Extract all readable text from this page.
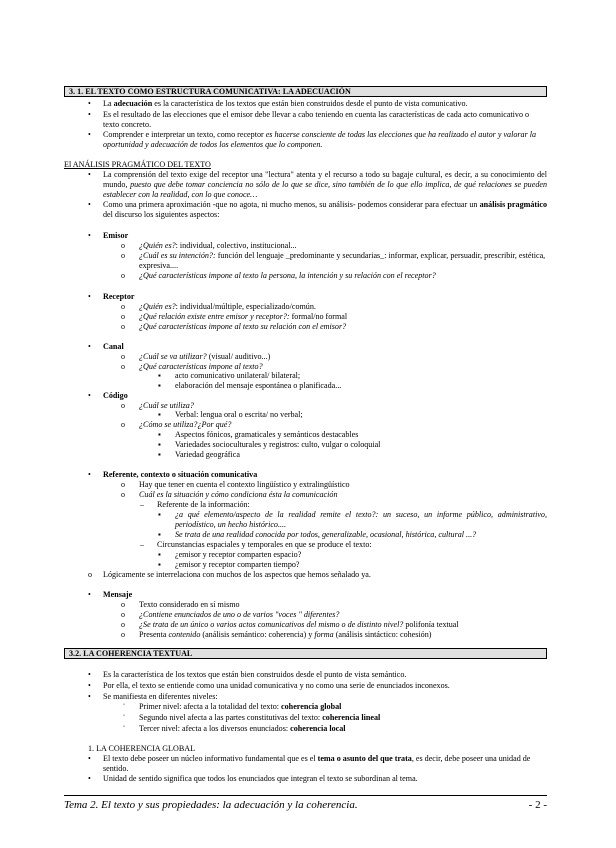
3. 1. EL TEXTO COMO ESTRUCTURA COMUNICATIVA: LA ADECUACIÓN
• La adecuación es la característica de los textos que están bien construidos desde el punto de vista comunicativo.
• Es el resultado de las elecciones que el emisor debe llevar a cabo teniendo en cuenta las características de cada acto comunicativo o texto concreto.
• Comprender e interpretar un texto, como receptor es hacerse consciente de todas las elecciones que ha realizado el autor y valorar la oportunidad y adecuación de todos los elementos que lo componen.
El ANÁLISIS PRAGMÁTICO DEL TEXTO
• La comprensión del texto exige del receptor una "lectura" atenta y el recurso a todo su bagaje cultural, es decir, a su conocimiento del mundo, puesto que debe tomar conciencia no sólo de lo que se dice, sino también de lo que ello implica, de qué relaciones se pueden establecer con la realidad, con lo que conoce…
• Como una primera aproximación -que no agota, ni mucho menos, su análisis- podemos considerar para efectuar un análisis pragmático del discurso los siguientes aspectos:
• Emisor
o ¿Quién es?: individual, colectivo, institucional...
o ¿Cuál es su intención?: función del lenguaje _predominante y secundarias_: informar, explicar, persuadir, prescribir, estética, expresiva....
o ¿Qué características impone al texto la persona, la intención y su relación con el receptor?
• Receptor
o ¿Quién es?: individual/múltiple, especializado/común.
o ¿Qué relación existe entre emisor y receptor?: formal/no formal
o ¿Qué características impone al texto su relación con el emisor?
• Canal
o ¿Cuál se va utilizar? (visual/ auditivo...)
o ¿Qué características impone al texto?
▪ acto comunicativo unilateral/ bilateral;
▪ elaboración del mensaje espontánea o planificada...
• Código
o ¿Cuál se utiliza?
▪ Verbal: lengua oral o escrita/ no verbal;
o ¿Cómo se utiliza?¿Por qué?
▪ Aspectos fónicos, gramaticales y semánticos destacables
▪ Variedades socioculturales y registros: culto, vulgar o coloquial
▪ Variedad geográfica
• Referente, contexto o situación comunicativa
o Hay que tener en cuenta el contexto lingüístico y extralingüístico
o Cuál es la situación y cómo condiciona ésta la comunicación
– Referente de la información:
▪ ¿a qué elemento/aspecto de la realidad remite el texto?: un suceso, un informe público, administrativo, periodístico, un hecho histórico....
▪ Se trata de una realidad conocida por todos, generalizable, ocasional, histórica, cultural ...?
– Circunstancias espaciales y temporales en que se produce el texto:
▪ ¿emisor y receptor comparten espacio?
▪ ¿emisor y receptor comparten tiempo?
o Lógicamente se interrelaciona con muchos de los aspectos que hemos señalado ya.
• Mensaje
o Texto considerado en sí mismo
o ¿Contiene enunciados de uno o de varios "voces " diferentes?
o ¿Se trata de un único o varios actos comunicativos del mismo o de distinto nivel? polifonía textual
o Presenta contenido (análisis semántico: coherencia) y forma (análisis sintáctico: cohesión)
3.2. LA COHERENCIA TEXTUAL
• Es la característica de los textos que están bien construidos desde el punto de vista semántico.
• Por ella, el texto se entiende como una unidad comunicativa y no como una serie de enunciados inconexos.
• Se manifiesta en diferentes niveles:
˚ Primer nivel: afecta a la totalidad del texto: coherencia global
˚ Segundo nivel afecta a las partes constitutivas del texto: coherencia lineal
˚ Tercer nivel: afecta a los diversos enunciados: coherencia local
1. LA COHERENCIA GLOBAL
• El texto debe poseer un núcleo informativo fundamental que es el tema o asunto del que trata, es decir, debe poseer una unidad de sentido.
• Unidad de sentido significa que todos los enunciados que integran el texto se subordinan al tema.
Tema 2. El texto y sus propiedades: la adecuación y la coherencia.	- 2 -
